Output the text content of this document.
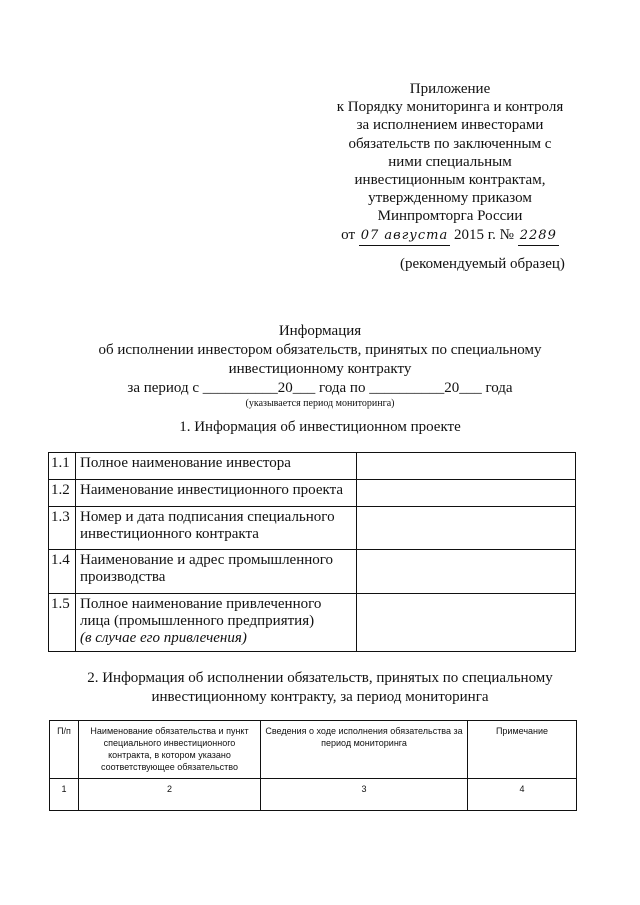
Приложение
к Порядку мониторинга и контроля
за исполнением инвесторами
обязательств по заключенным с
ними специальным
инвестиционным контрактам,
утвержденному приказом
Минпромторга России
от 07 августа 2015 г. № 2289
(рекомендуемый образец)
Информация
об исполнении инвестором обязательств, принятых по специальному
инвестиционному контракту
за период с __________20___ года по __________20___ года
(указывается период мониторинга)
1. Информация об инвестиционном проекте
1.1	Полное наименование инвестора	
1.2	Наименование инвестиционного проекта	
1.3	Номер и дата подписания специального инвестиционного контракта	
1.4	Наименование и адрес промышленного производства	
1.5	Полное наименование привлеченного лица (промышленного предприятия)
(в случае его привлечения)	
2. Информация об исполнении обязательств, принятых по специальному
инвестиционному контракту, за период мониторинга
П/п	Наименование обязательства и пункт специального инвестиционного контракта, в котором указано соответствующее обязательство	Сведения о ходе исполнения обязательства за период мониторинга	Примечание
1	2	3	4
